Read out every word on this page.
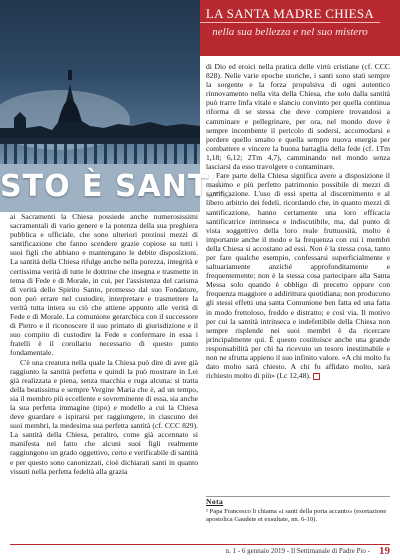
LA SANTA MADRE CHIESA
nella sua bellezza e nel suo mistero
STO È SANTA

ai Sacramenti la Chiesa possiede anche numerosissimi sacramentali di vario genere e la potenza della sua preghiera pubblica e ufficiale, che sono ulteriori preziosi mezzi di santificazione che fanno scendere grazie copiose su tutti i suoi figli che abbiano e mantengano le debite disposizioni. La santità della Chiesa rifulge anche nella purezza, integrità e certissima verità di tutte le dottrine che insegna e trasmette in tema di Fede e di Morale, in cui, per l'assistenza del carisma di verità dello Spirito Santo, promesso dal suo Fondatore, non può errare nel custodire, interpretare e trasmettere la verità tutta intera su ciò che attiene appunto alle verità di Fede e di Morale. La comunione gerarchica con il successore di Pietro e il riconoscere il suo primato di giurisdizione e il suo compito di custodire la Fede e confermare in essa i fratelli è il corollario necessario di questo punto fondamentale.

C'è una creatura nella quale la Chiesa può dire di aver già raggiunto la santità perfetta e quindi la può mostrare in Lei già realizzata e piena, senza macchia e ruga alcuna: si tratta della beatissima e sempre Vergine Maria che è, ad un tempo, sia il membro più eccellente e sovreminente di essa, sia anche la sua perfetta immagine (tipo) e modello a cui la Chiesa deve guardare e ispirarsi per raggiungere, in ciascuno dei suoi membri, la medesima sua perfetta santità (cf. CCC 829). La santità della Chiesa, peraltro, come già accennato si manifesta nel fatto che alcuni suoi figli realmente raggiungono un grado oggettivo, certo e verificabile di santità e per questo sono canonizzati, cioè dichiarati santi in quanto vissuti nella perfetta fedeltà alla grazia

di Dio ed eroici nella pratica delle virtù cristiane (cf. CCC 828). Nelle varie epoche storiche, i santi sono stati sempre la sorgente e la forza propulsiva di ogni autentico rinnovamento nella vita della Chiesa, che solo dalla santità può trarre linfa vitale e slancio convinto per quella continua riforma di se stessa che deve compiere trovandosi a camminare e pellegrinare, per ora, nel mondo dove è sempre incombente il pericolo di sodersi, accomodarsi e perdere quello smalto e quella sempre nuova energia per combattere e vincere la buona battaglia della fede (cf. 1Tm 1,18; 6,12; 2Tm 4,7), camminando nel mondo senza lasciarsi da esso travolgere o contaminare.

Fare parte della Chiesa significa avere a disposizione il massimo e più perfetto patrimonio possibile di mezzi di santificazione. L'uso di essi spetta al discernimento e al libero arbitrio dei fedeli, ricordando che, in quanto mezzi di santificazione, hanno certamente una loro efficacia santificatrice intrinseca e indiscutibile, ma, dal punto di vista soggettivo della loro reale fruttuosità, molto è importante anche il modo e la frequenza con cui i membri della Chiesa si accostano ad essi. Non è la stessa cosa, tanto per fare qualche esempio, confessarsi superficialmente e saltuariamente anziché approfonditamente e frequentemente; non è la stessa cosa partecipare alla Santa Messa solo quando è obbligo di precetto oppure con frequenza maggiore o addirittura quotidiana; non producono gli stessi effetti una santa Comunione ben fatta ed una fatta in modo frettoloso, freddo e distratto; e così via. Il motivo per cui la santità intrinseca e indefettibile della Chiesa non sempre risplende nei suoi membri è da ricercare principalmente qui. È questo costituisce anche una grande responsabilità per chi ha ricevuto un tesoro inestimabile e non ne sfrutta appieno il suo infinito valore. «A chi molto fu dato molto sarà chiesto. A chi fu affidato molto, sarà richiesto molto di più» (Lc 12,48).

Nota
¹ Papa Francesco li chiama «i santi della porta accanto» (esortazione apostolica Gaudete et exsultate, nn. 6-10).
n. 1 - 6 gennaio 2019 - Il Settimanale di Padre Pio - 19
